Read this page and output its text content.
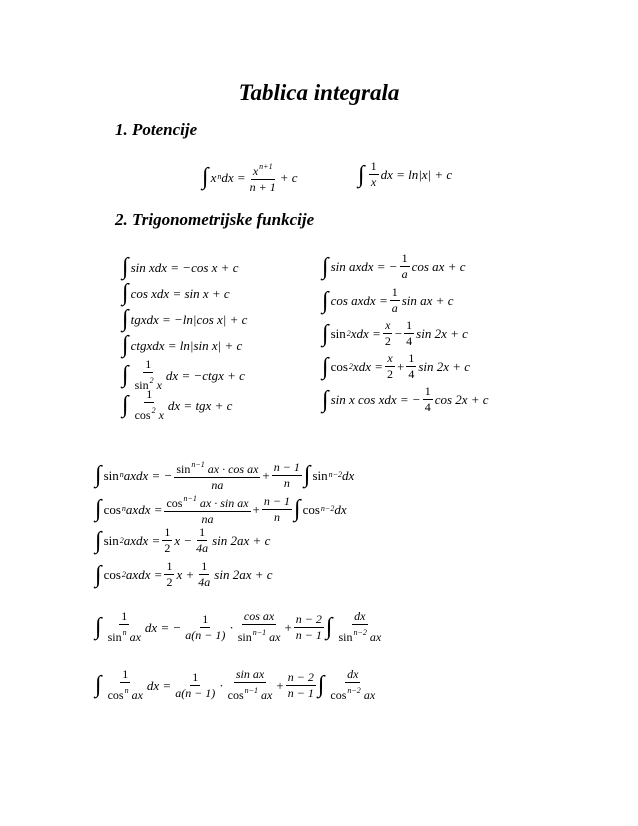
Tablica integrala
1. Potencije
∫ x n dx = $\frac{x^{n+1}}{n + 1} + c$	∫ $\frac{1}{x}$ dx = ln|x| + c
2. Trigonometrijske funkcije
∫ sin xdx = −cos x + c
∫ cos xdx = sin x + c
∫ tgxdx = −ln|cos x| + c
∫ ctgxdx = ln|sin x| + c
∫ $\frac{1}{\sin^2 x}$ dx = −ctgx + c
∫ $\frac{1}{\cos^2 x}$ dx = tgx + c
∫ sin axdx = − $\frac{1}{a}$ cos ax + c
∫ cos axdx = $\frac{1}{a}$ sin ax + c
∫ sin 2 xdx = $\frac{x}{2} - \frac{1}{4}$ sin 2x + c
∫ cos 2 xdx = $\frac{x}{2} + \frac{1}{4}$ sin 2x + c
∫ sin x cos xdx = − $\frac{1}{4}$ cos 2x + c
∫ sin n axdx = − $\frac{\sin^{n-1} ax \cdot \cos ax}{na} + \frac{n - 1}{n}$ ∫ sin n−2 dx
∫ cos n axdx = $\frac{\cos^{n-1} ax \cdot \sin ax}{na} + \frac{n - 1}{n}$ ∫ cos n−2 dx
∫ sin 2 axdx = $\frac{1}{2}$ $x - \frac{1}{4a}$ sin 2ax + c
∫ cos 2 axdx = $\frac{1}{2}$ $x + \frac{1}{4a}$ sin 2ax + c
∫ $\frac{1}{\sin^n ax}$ dx = − $\frac{1}{a(n - 1)} \cdot \frac{\text{cos ax}}{\sin^{n-1} ax} + \frac{n - 2}{n - 1}$ ∫ $\frac{dx}{\sin^{n-2} ax}$
∫ $\frac{1}{\cos^n ax}$ dx = $\frac{1}{a(n - 1)} \cdot \frac{\text{sin ax}}{\cos^{n-1} ax} + \frac{n - 2}{n - 1}$ ∫ $\frac{dx}{\cos^{n-2} ax}$
